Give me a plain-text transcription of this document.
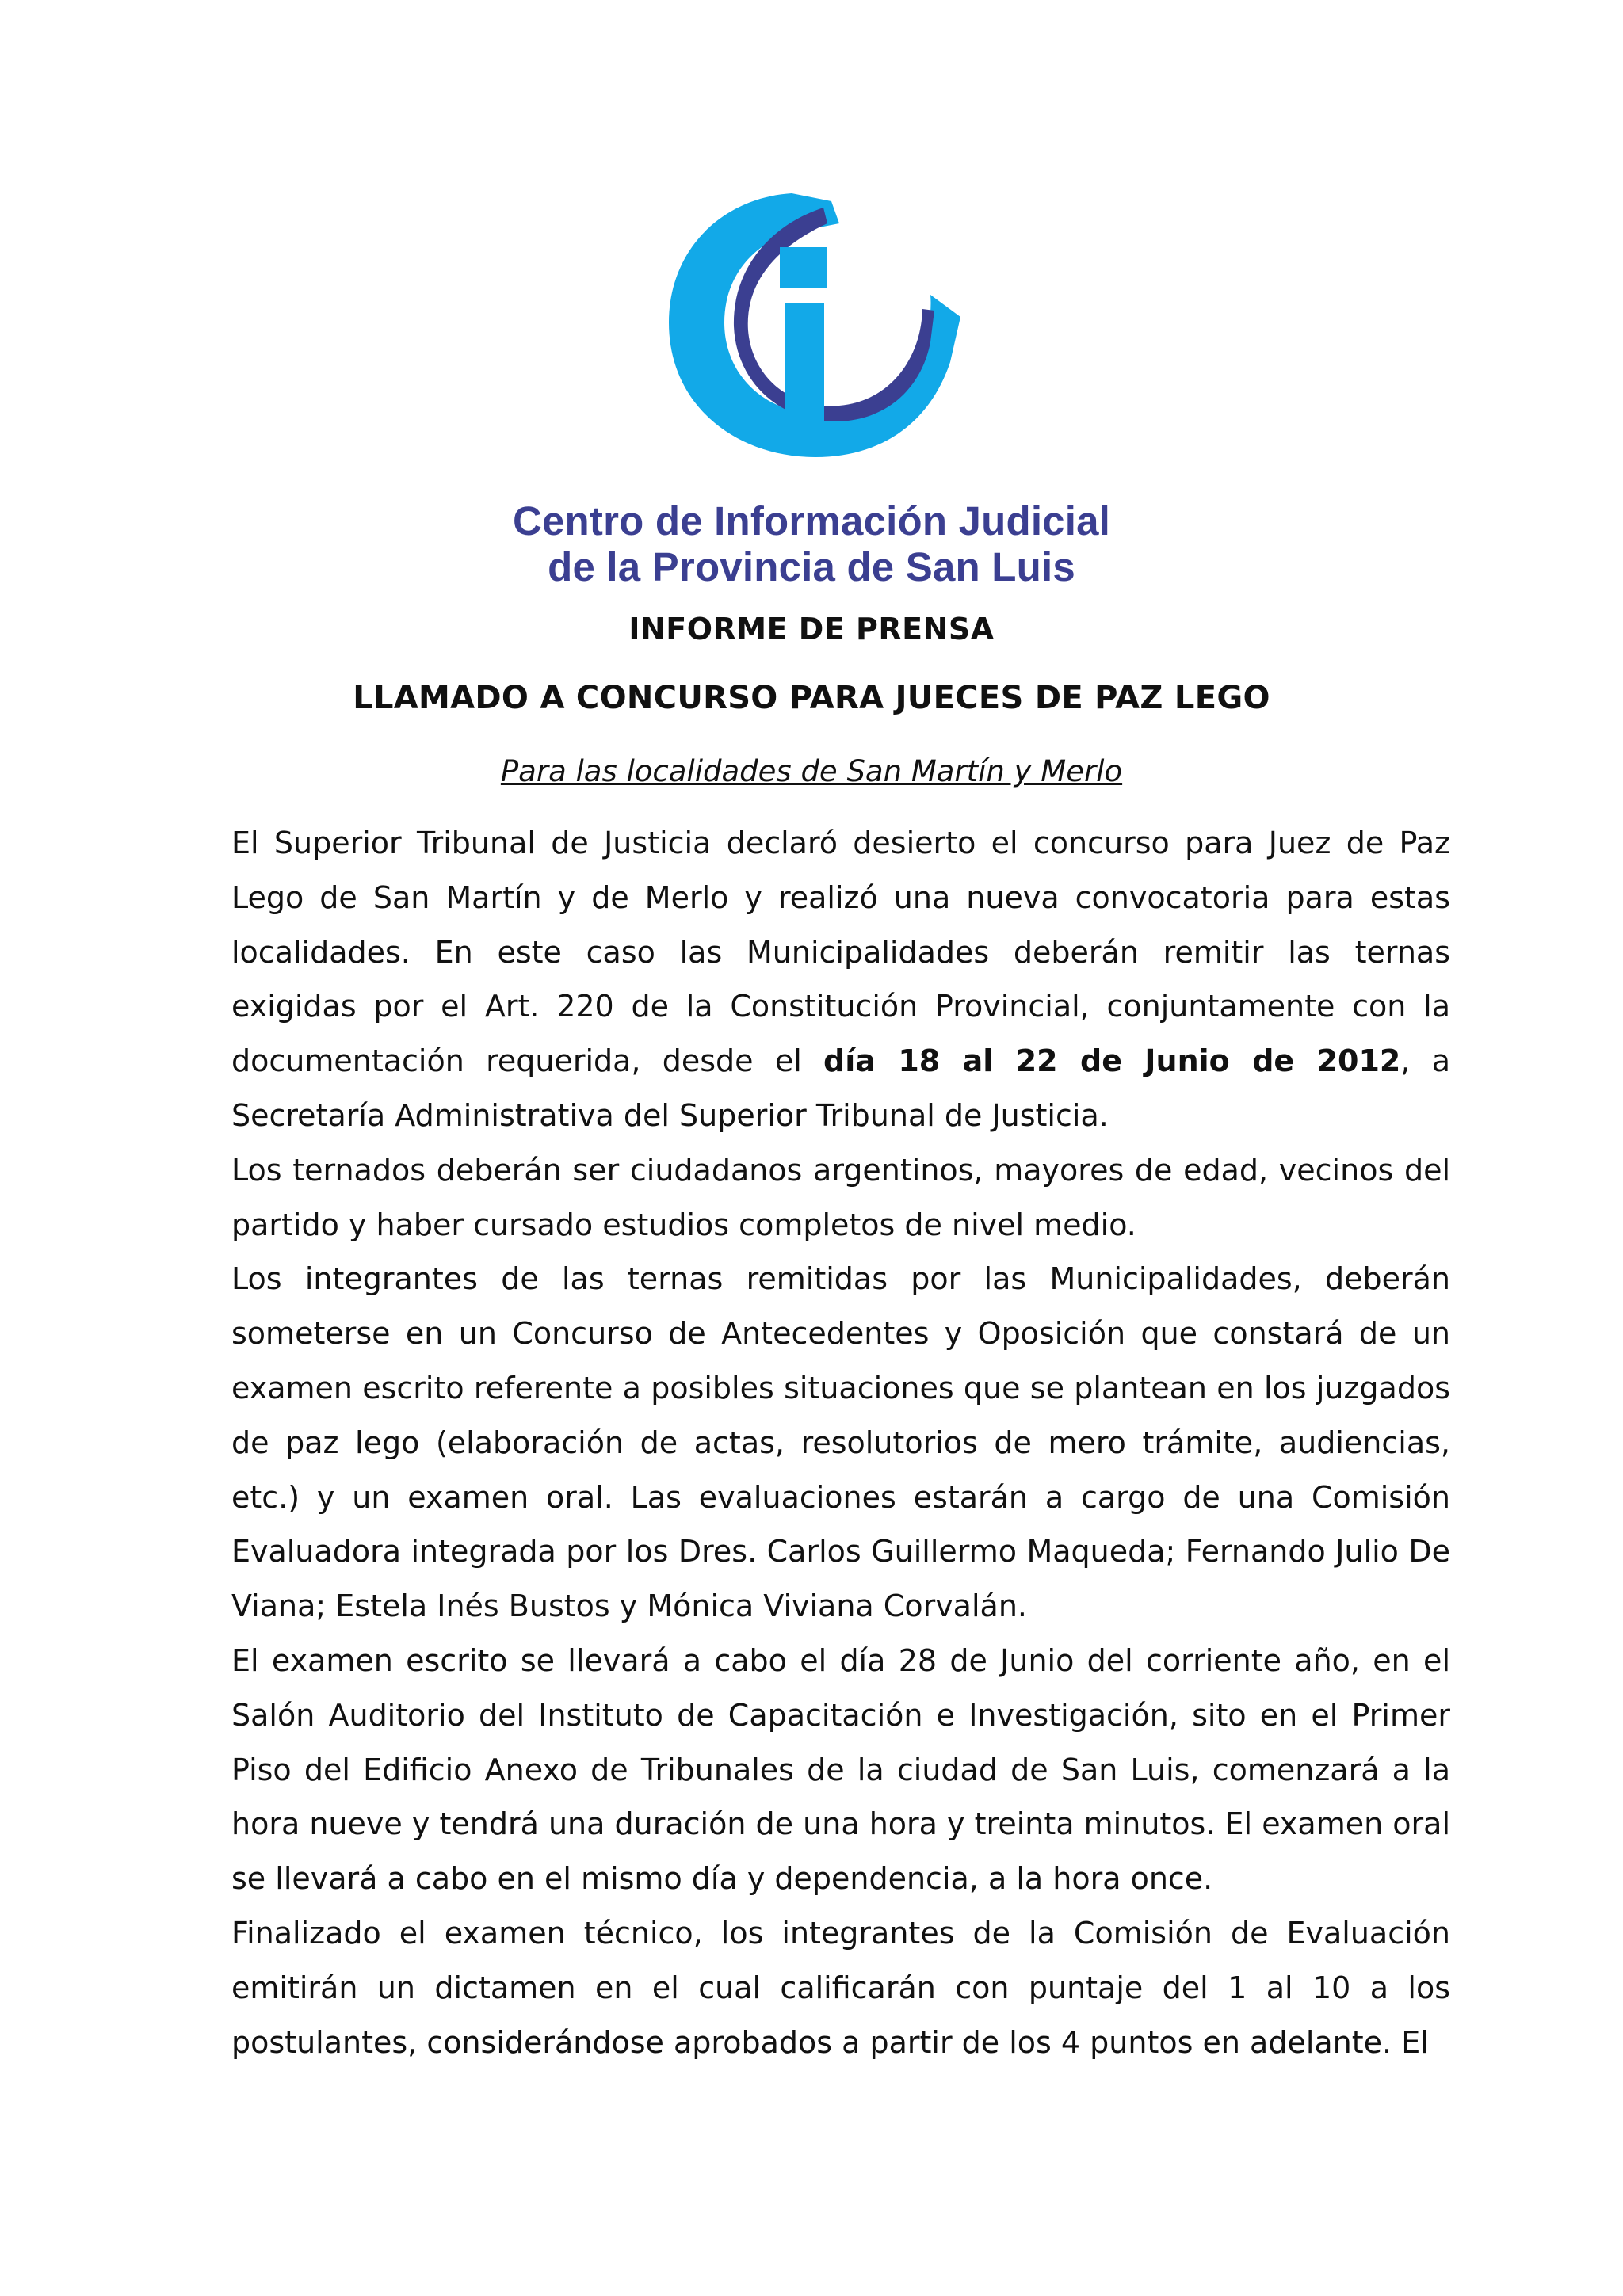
Centro de Información Judicial
de la Provincia de San Luis
INFORME DE PRENSA
LLAMADO A CONCURSO PARA JUECES DE PAZ LEGO
Para las localidades de San Martín y Merlo

El Superior Tribunal de Justicia declaró desierto el concurso para Juez de Paz Lego de San Martín y de Merlo y realizó una nueva convocatoria para estas localidades. En este caso las Municipalidades deberán remitir las ternas exigidas por el Art. 220 de la Constitución Provincial, conjuntamente con la documentación requerida, desde el día 18 al 22 de Junio de 2012, a Secretaría Administrativa del Superior Tribunal de Justicia.

Los ternados deberán ser ciudadanos argentinos, mayores de edad, vecinos del partido y haber cursado estudios completos de nivel medio.

Los integrantes de las ternas remitidas por las Municipalidades, deberán someterse en un Concurso de Antecedentes y Oposición que constará de un examen escrito referente a posibles situaciones que se plantean en los juzgados de paz lego (elaboración de actas, resolutorios de mero trámite, audiencias, etc.) y un examen oral. Las evaluaciones estarán a cargo de una Comisión Evaluadora integrada por los Dres. Carlos Guillermo Maqueda; Fernando Julio De Viana; Estela Inés Bustos y Mónica Viviana Corvalán.

El examen escrito se llevará a cabo el día 28 de Junio del corriente año, en el Salón Auditorio del Instituto de Capacitación e Investigación, sito en el Primer Piso del Edificio Anexo de Tribunales de la ciudad de San Luis, comenzará a la hora nueve y tendrá una duración de una hora y treinta minutos. El examen oral se llevará a cabo en el mismo día y dependencia, a la hora once.

Finalizado el examen técnico, los integrantes de la Comisión de Evaluación emitirán un dictamen en el cual calificarán con puntaje del 1 al 10 a los postulantes, considerándose aprobados a partir de los 4 puntos en adelante. El
